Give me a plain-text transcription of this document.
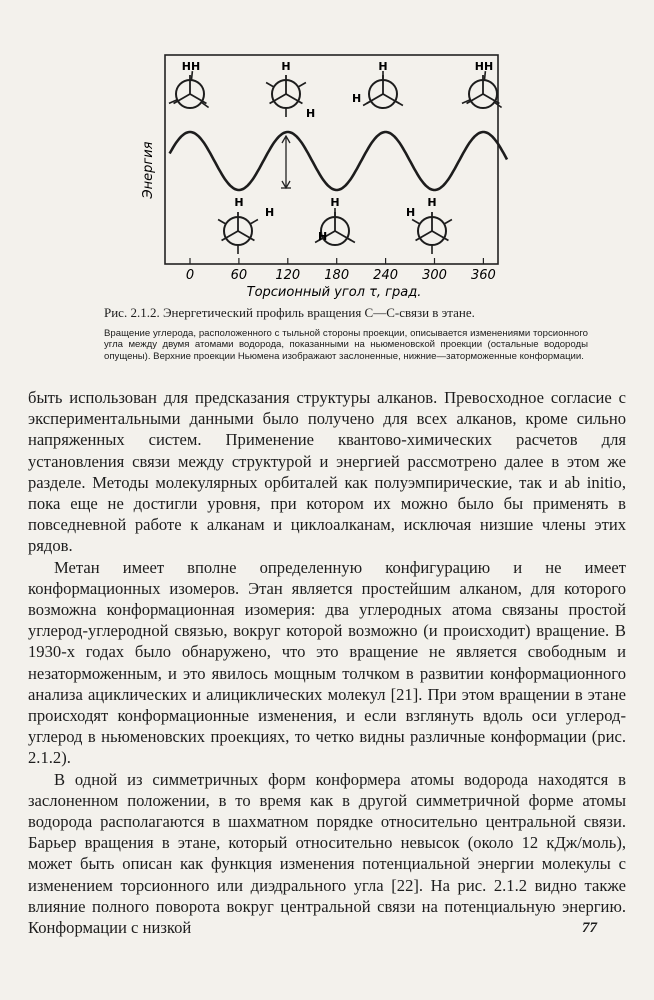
Энергия
Торсионный угол τ, град.
0	60 120 180 240 300 360
HH	H	H	HH
H
H
H	H	H
H
H
H
Рис. 2.1.2. Энергетический профиль вращения C—C-связи в этане.
Вращение углерода, расположенного с тыльной стороны проекции, описывается изменениями торсионного угла между двумя атомами водорода, показанными на ньюменовской проекции (остальные водороды опущены). Верхние проекции Ньюмена изображают заслоненные, нижние—заторможенные конформации.

быть использован для предсказания структуры алканов. Превосходное согласие с экспериментальными данными было получено для всех алканов, кроме сильно напряженных систем. Применение квантово-химических расчетов для установления связи между структурой и энергией рассмотрено далее в этом же разделе. Методы молекулярных орбиталей как полуэмпирические, так и ab initio, пока еще не достигли уровня, при котором их можно было бы применять в повседневной работе к алканам и циклоалканам, исключая низшие члены этих рядов.

Метан имеет вполне определенную конфигурацию и не имеет конформационных изомеров. Этан является простейшим алканом, для которого возможна конформационная изомерия: два углеродных атома связаны простой углерод-углеродной связью, вокруг которой возможно (и происходит) вращение. В 1930-х годах было обнаружено, что это вращение не является свободным и незаторможенным, и это явилось мощным толчком в развитии конформационного анализа ациклических и алициклических молекул [21]. При этом вращении в этане происходят конформационные изменения, и если взглянуть вдоль оси углерод-углерод в ньюменовских проекциях, то четко видны различные конформации (рис. 2.1.2).

В одной из симметричных форм конформера атомы водорода находятся в заслоненном положении, в то время как в другой симметричной форме атомы водорода располагаются в шахматном порядке относительно центральной связи. Барьер вращения в этане, который относительно невысок (около 12 кДж/моль), может быть описан как функция изменения потенциальной энергии молекулы с изменением торсионного или диэдрального угла [22]. На рис. 2.1.2 видно также влияние полного поворота вокруг центральной связи на потенциальную энергию. Конформации с низкой	77
